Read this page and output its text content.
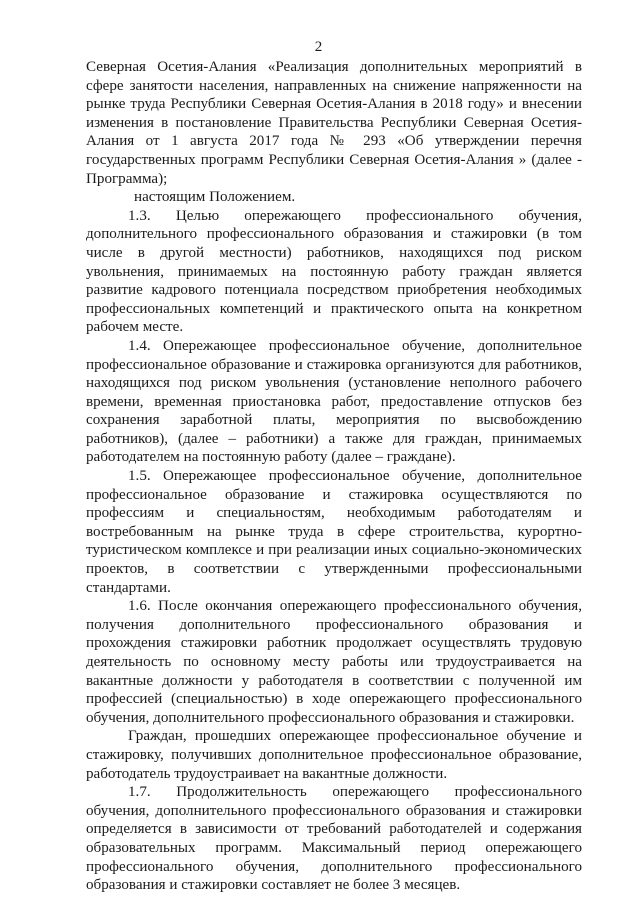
2

Северная Осетия-Алания «Реализация дополнительных мероприятий в сфере занятости населения, направленных на снижение напряженности на рынке труда Республики Северная Осетия-Алания в 2018 году» и внесении изменения в постановление Правительства Республики Северная Осетия-Алания от 1 августа 2017 года № 293 «Об утверждении перечня государственных программ Республики Северная Осетия-Алания » (далее - Программа);

настоящим Положением.

1.3. Целью опережающего профессионального обучения, дополнительного профессионального образования и стажировки (в том числе в другой местности) работников, находящихся под риском увольнения, принимаемых на постоянную работу граждан является развитие кадрового потенциала посредством приобретения необходимых профессиональных компетенций и практического опыта на конкретном рабочем месте.

1.4. Опережающее профессиональное обучение, дополнительное профессиональное образование и стажировка организуются для работников, находящихся под риском увольнения (установление неполного рабочего времени, временная приостановка работ, предоставление отпусков без сохранения заработной платы, мероприятия по высвобождению работников), (далее – работники) а также для граждан, принимаемых работодателем на постоянную работу (далее – граждане).

1.5. Опережающее профессиональное обучение, дополнительное профессиональное образование и стажировка осуществляются по профессиям и специальностям, необходимым работодателям и востребованным на рынке труда в сфере строительства, курортно-туристическом комплексе и при реализации иных социально-экономических проектов, в соответствии с утвержденными профессиональными стандартами.

1.6. После окончания опережающего профессионального обучения, получения дополнительного профессионального образования и прохождения стажировки работник продолжает осуществлять трудовую деятельность по основному месту работы или трудоустраивается на вакантные должности у работодателя в соответствии с полученной им профессией (специальностью) в ходе опережающего профессионального обучения, дополнительного профессионального образования и стажировки.

Граждан, прошедших опережающее профессиональное обучение и стажировку, получивших дополнительное профессиональное образование, работодатель трудоустраивает на вакантные должности.

1.7. Продолжительность опережающего профессионального обучения, дополнительного профессионального образования и стажировки определяется в зависимости от требований работодателей и содержания образовательных программ. Максимальный период опережающего профессионального обучения, дополнительного профессионального образования и стажировки составляет не более 3 месяцев.
